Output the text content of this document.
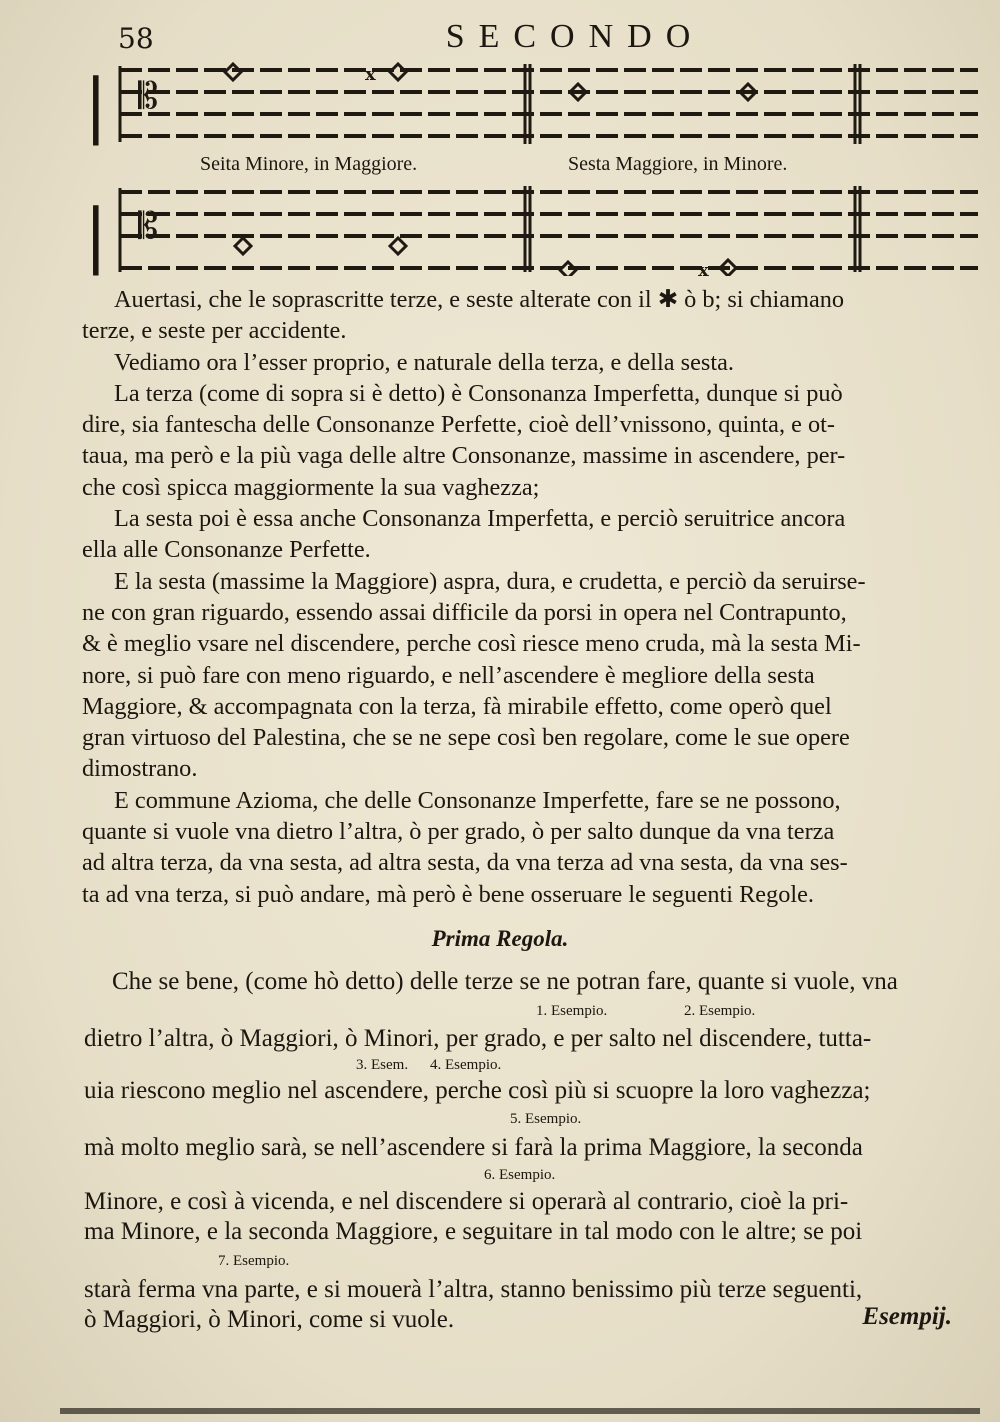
58	SECONDO
𝄡
x
|
Seita Minore, in Maggiore.	Sesta Maggiore, in Minore.
𝄡
x
|

Auertasi, che le soprascritte terze, e seste alterate con il ✱ ò b; si chiamano

terze, e seste per accidente.

Vediamo ora l’esser proprio, e naturale della terza, e della sesta.

La terza (come di sopra si è detto) è Consonanza Imperfetta, dunque si può

dire, sia fantescha delle Consonanze Perfette, cioè dell’vnissono, quinta, e ot-

taua, ma però e la più vaga delle altre Consonanze, massime in ascendere, per-

che così spicca maggiormente la sua vaghezza;

La sesta poi è essa anche Consonanza Imperfetta, e perciò seruitrice ancora

ella alle Consonanze Perfette.

E la sesta (massime la Maggiore) aspra, dura, e crudetta, e perciò da seruirse-

ne con gran riguardo, essendo assai difficile da porsi in opera nel Contrapunto,

& è meglio vsare nel discendere, perche così riesce meno cruda, mà la sesta Mi-

nore, si può fare con meno riguardo, e nell’ascendere è megliore della sesta

Maggiore, & accompagnata con la terza, fà mirabile effetto, come operò quel

gran virtuoso del Palestina, che se ne sepe così ben regolare, come le sue opere

dimostrano.

E commune Azioma, che delle Consonanze Imperfette, fare se ne possono,

quante si vuole vna dietro l’altra, ò per grado, ò per salto dunque da vna terza

ad altra terza, da vna sesta, ad altra sesta, da vna terza ad vna sesta, da vna ses-

ta ad vna terza, si può andare, mà però è bene osseruare le seguenti Regole.

Prima Regola.
Che se bene, (come hò detto) delle terze se ne potran fare, quante si vuole, vna
1. Esempio.	2. Esempio.
dietro l’altra, ò Maggiori, ò Minori, per grado, e per salto nel discendere, tutta-
3. Esem. 4. Esempio.
uia riescono meglio nel ascendere, perche così più si scuopre la loro vaghezza;
5. Esempio.
mà molto meglio sarà, se nell’ascendere si farà la prima Maggiore, la seconda
6. Esempio.
Minore, e così à vicenda, e nel discendere si operarà al contrario, cioè la pri-
ma Minore, e la seconda Maggiore, e seguitare in tal modo con le altre; se poi
7. Esempio.
starà ferma vna parte, e si mouerà l’altra, stanno benissimo più terze seguenti,
ò Maggiori, ò Minori, come si vuole.	Esempij.
